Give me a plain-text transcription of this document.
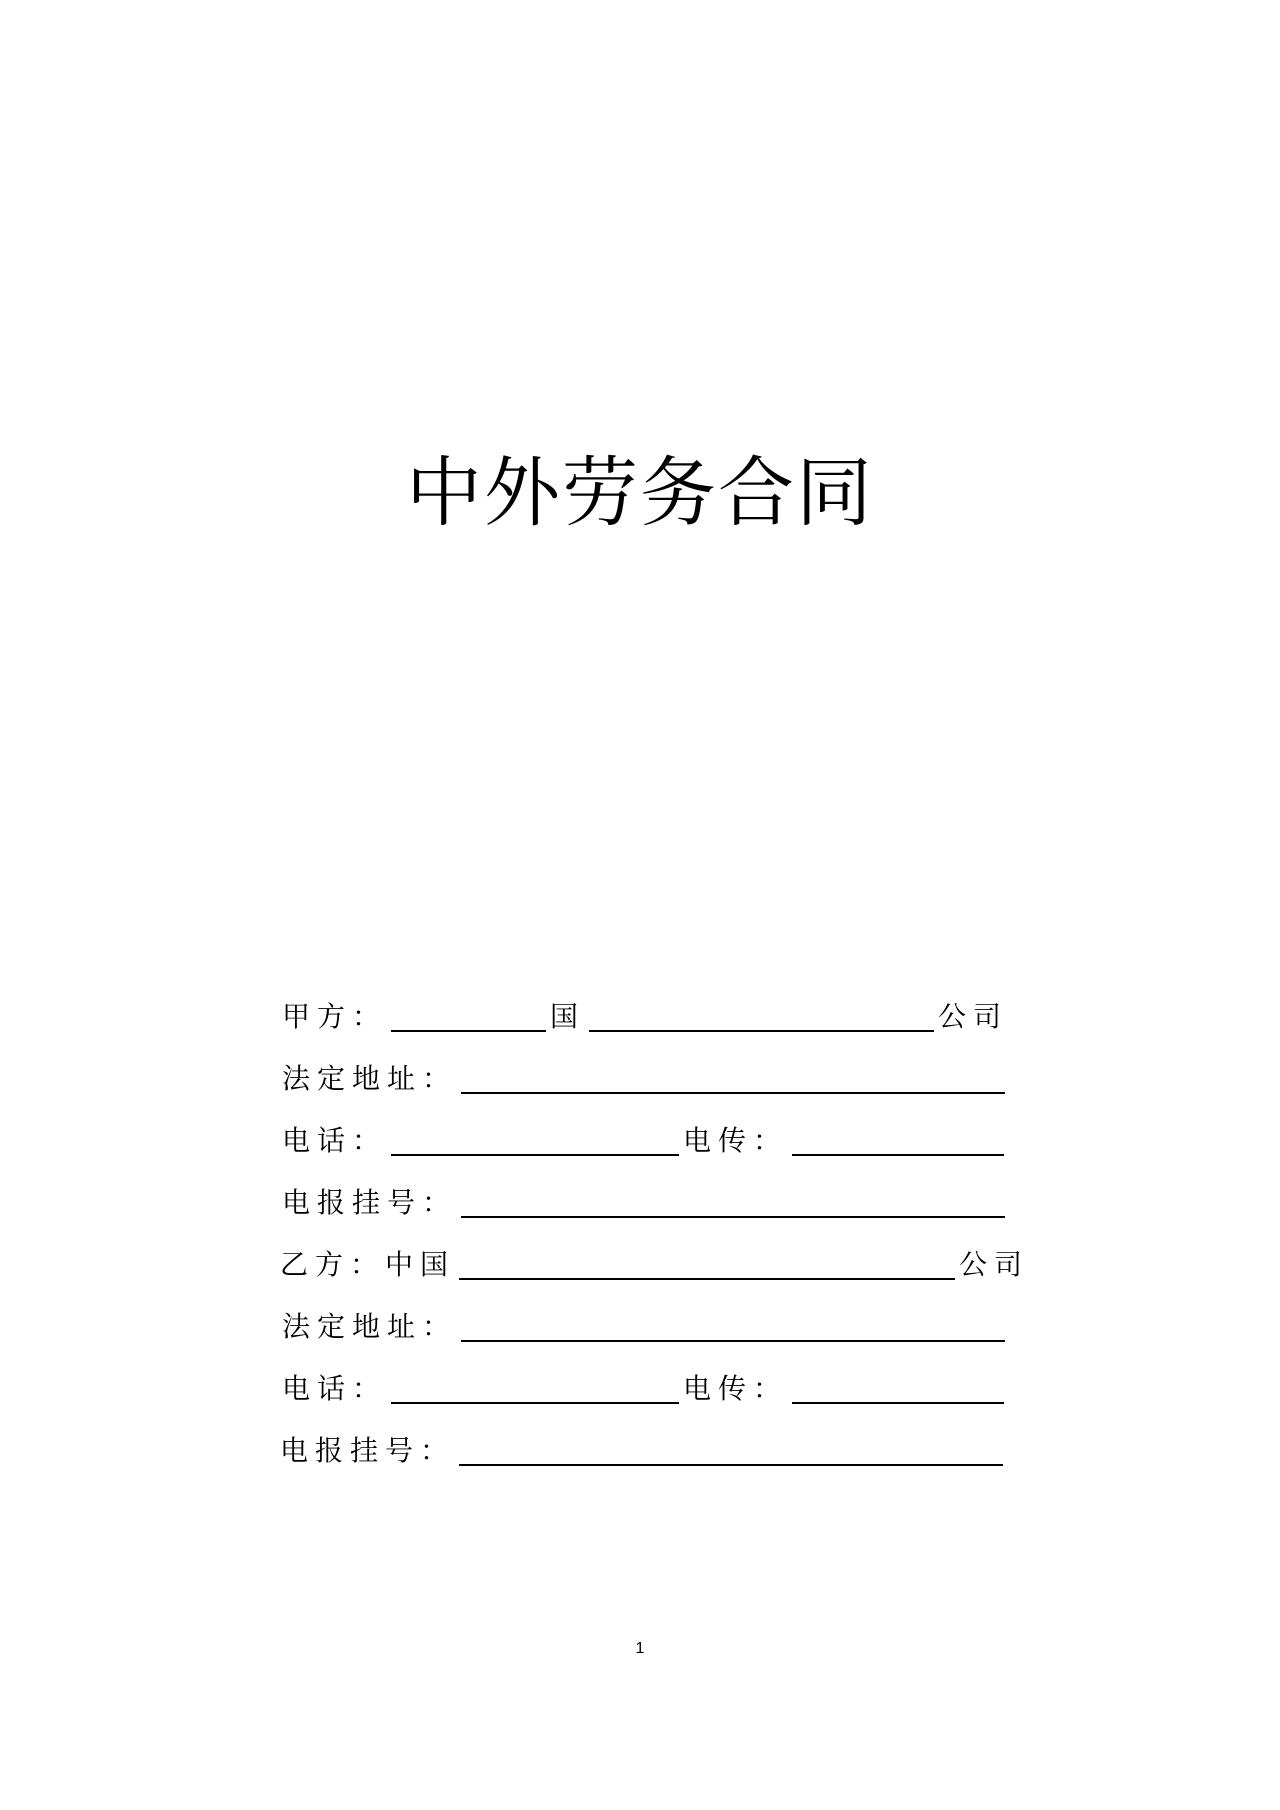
中外劳务合同
甲方：	国	公司
法定地址：
电话：	电传：
电报挂号：
乙方：中国	公司
法定地址：
电话：	电传：
电报挂号：
1
